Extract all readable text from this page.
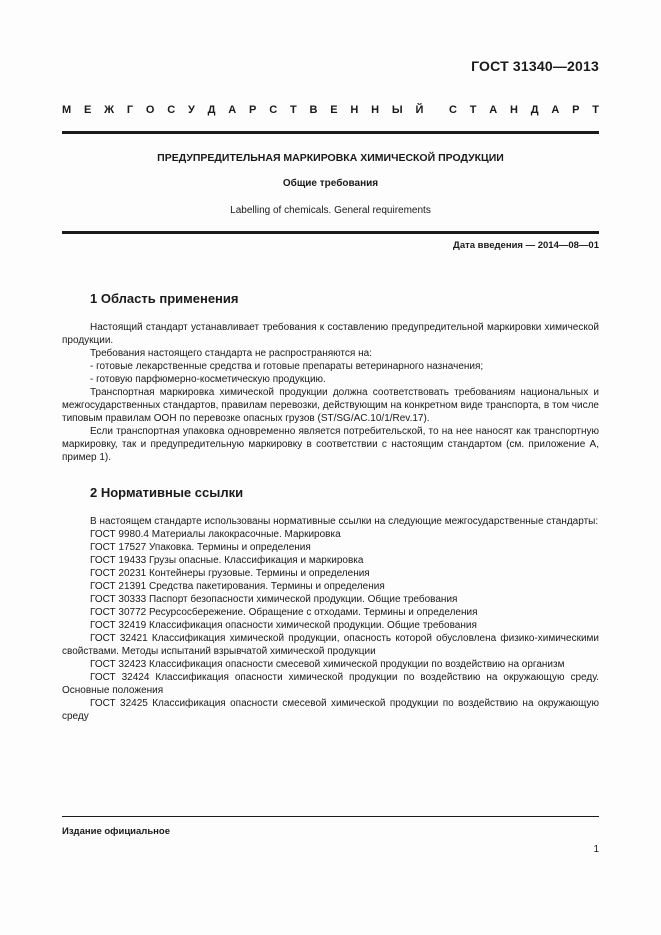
ГОСТ 31340—2013
М Е Ж Г О С У Д А Р С Т В Е Н Н Ы Й С Т А Н Д А Р Т
ПРЕДУПРЕДИТЕЛЬНАЯ МАРКИРОВКА ХИМИЧЕСКОЙ ПРОДУКЦИИ
Общие требования
Labelling of chemicals. General requirements
Дата введения — 2014—08—01
1 Область применения

Настоящий стандарт устанавливает требования к составлению предупредительной маркировки химической продукции.

Требования настоящего стандарта не распространяются на:

- готовые лекарственные средства и готовые препараты ветеринарного назначения;

- готовую парфюмерно-косметическую продукцию.

Транспортная маркировка химической продукции должна соответствовать требованиям национальных и межгосударственных стандартов, правилам перевозки, действующим на конкретном виде транспорта, в том числе типовым правилам ООН по перевозке опасных грузов (ST/SG/AC.10/1/Rev.17).

Если транспортная упаковка одновременно является потребительской, то на нее наносят как транспортную маркировку, так и предупредительную маркировку в соответствии с настоящим стандартом (см. приложение А, пример 1).

2 Нормативные ссылки

В настоящем стандарте использованы нормативные ссылки на следующие межгосударственные стандарты:

ГОСТ 9980.4 Материалы лакокрасочные. Маркировка

ГОСТ 17527 Упаковка. Термины и определения

ГОСТ 19433 Грузы опасные. Классификация и маркировка

ГОСТ 20231 Контейнеры грузовые. Термины и определения

ГОСТ 21391 Средства пакетирования. Термины и определения

ГОСТ 30333 Паспорт безопасности химической продукции. Общие требования

ГОСТ 30772 Ресурсосбережение. Обращение с отходами. Термины и определения

ГОСТ 32419 Классификация опасности химической продукции. Общие требования

ГОСТ 32421 Классификация химической продукции, опасность которой обусловлена физико-химическими свойствами. Методы испытаний взрывчатой химической продукции

ГОСТ 32423 Классификация опасности смесевой химической продукции по воздействию на организм

ГОСТ 32424 Классификация опасности химической продукции по воздействию на окружающую среду. Основные положения

ГОСТ 32425 Классификация опасности смесевой химической продукции по воздействию на окружающую среду

Издание официальное
1
